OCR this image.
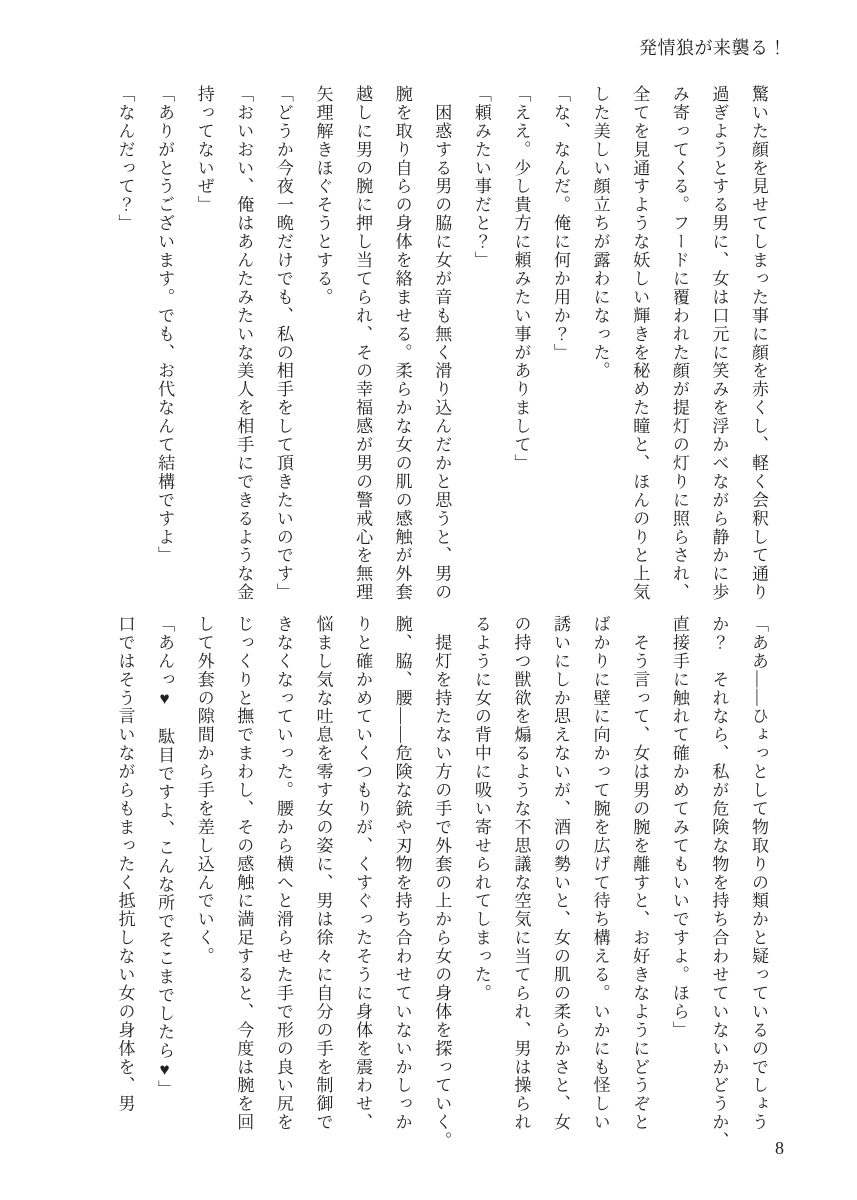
発情狼が来襲る！
驚いた顔を見せてしまった事に顔を赤くし、軽く会釈して通り
過ぎようとする男に、女は口元に笑みを浮かべながら静かに歩
み寄ってくる。フードに覆われた顔が提灯の灯りに照らされ、
全てを見通すような妖しい輝きを秘めた瞳と、ほんのりと上気
した美しい顔立ちが露わになった。
「な、なんだ。俺に何か用か？」
「ええ。少し貴方に頼みたい事がありまして」
「頼みたい事だと？」
　困惑する男の脇に女が音も無く滑り込んだかと思うと、男の
腕を取り自らの身体を絡ませる。柔らかな女の肌の感触が外套
越しに男の腕に押し当てられ、その幸福感が男の警戒心を無理
矢理解きほぐそうとする。
「どうか今夜一晩だけでも、私の相手をして頂きたいのです」
「おいおい、俺はあんたみたいな美人を相手にできるような金
持ってないぜ」
「ありがとうございます。でも、お代なんて結構ですよ」
「なんだって？」
「ああ――ひょっとして物取りの類かと疑っているのでしょう
か？　それなら、私が危険な物を持ち合わせていないかどうか、
直接手に触れて確かめてみてもいいですよ。ほら」
　そう言って、女は男の腕を離すと、お好きなようにどうぞと
ばかりに壁に向かって腕を広げて待ち構える。いかにも怪しい
誘いにしか思えないが、酒の勢いと、女の肌の柔らかさと、女
の持つ獣欲を煽るような不思議な空気に当てられ、男は操られ
るように女の背中に吸い寄せられてしまった。
　提灯を持たない方の手で外套の上から女の身体を探っていく。
腕、脇、腰――危険な銃や刃物を持ち合わせていないかしっか
りと確かめていくつもりが、くすぐったそうに身体を震わせ、
悩まし気な吐息を零す女の姿に、男は徐々に自分の手を制御で
きなくなっていった。腰から横へと滑らせた手で形の良い尻を
じっくりと撫でまわし、その感触に満足すると、今度は腕を回
して外套の隙間から手を差し込んでいく。
「あんっ♥　駄目ですよ、こんな所でそこまでしたら♥」
口ではそう言いながらもまったく抵抗しない女の身体を、男
8
